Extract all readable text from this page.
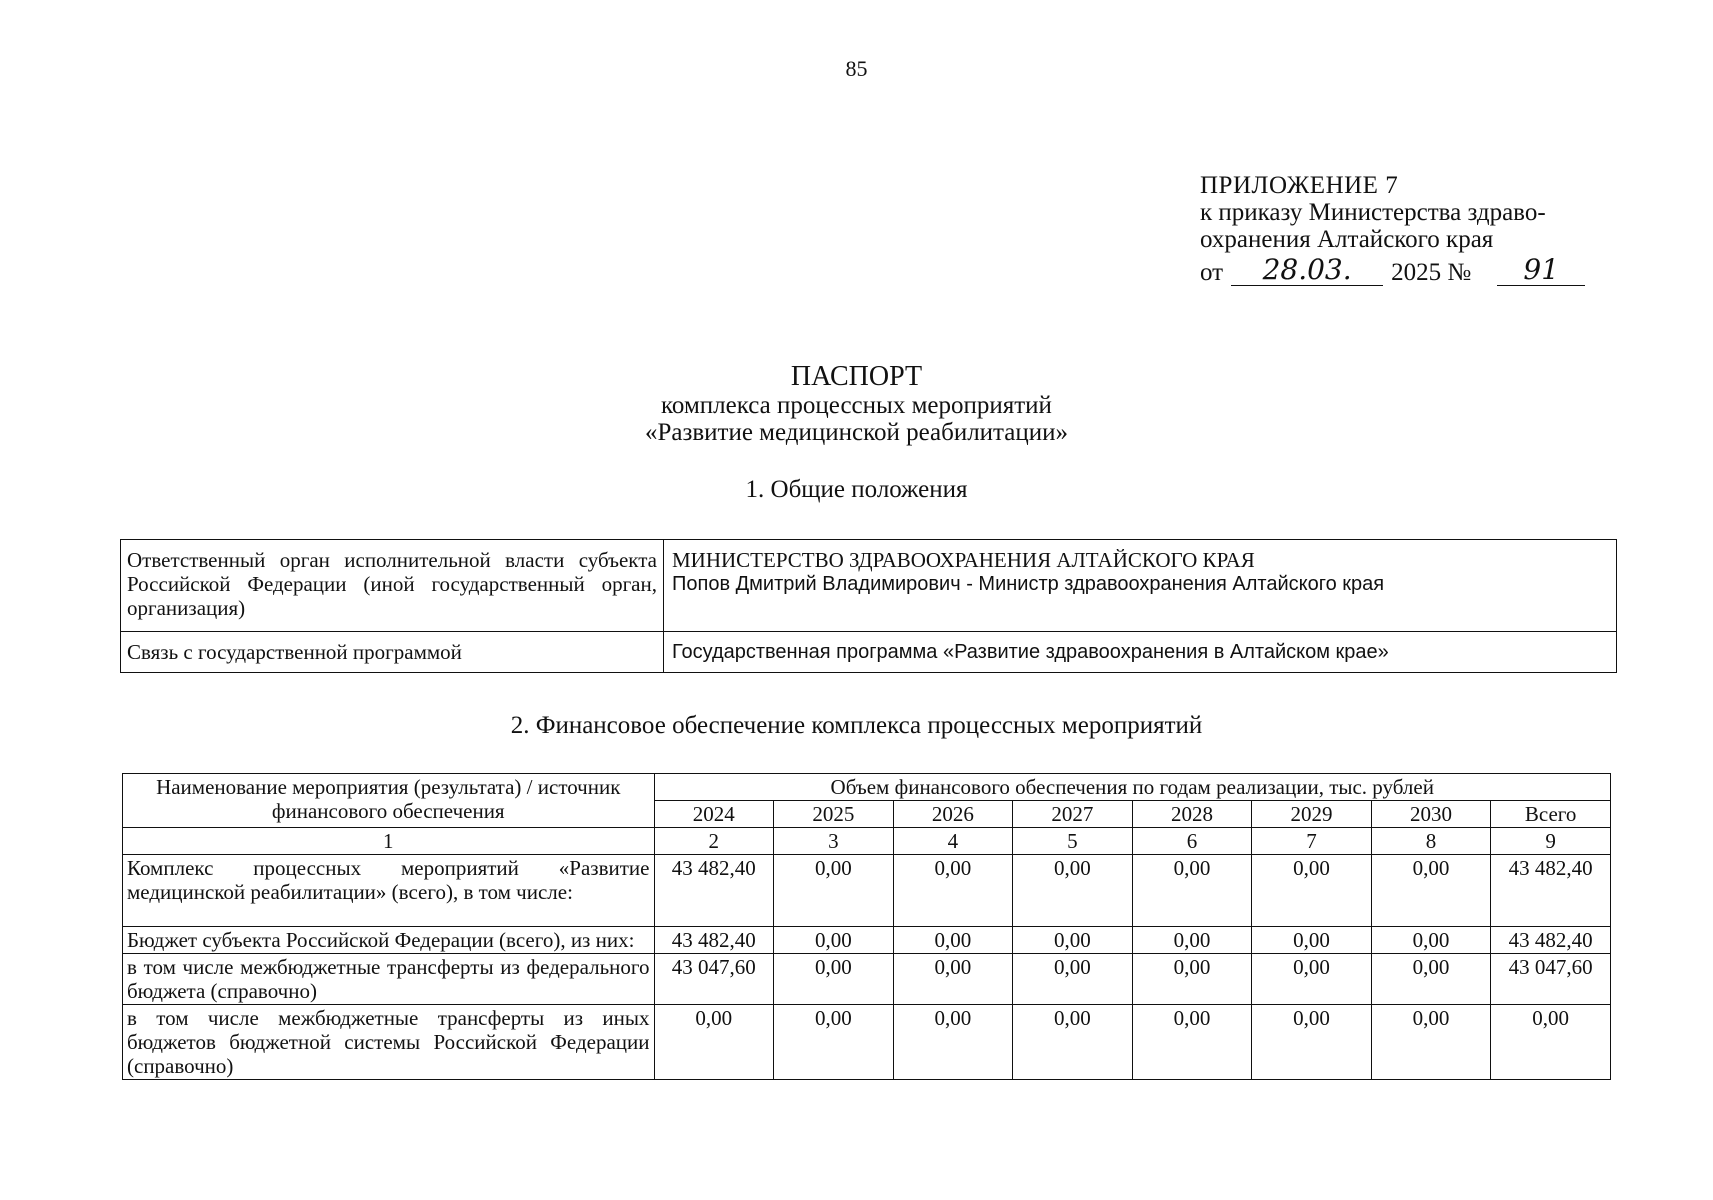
85
ПРИЛОЖЕНИЕ 7
к приказу Министерства здраво-
охранения Алтайского края
от	28.03.	2025 №	91
ПАСПОРТ
комплекса процессных мероприятий
«Развитие медицинской реабилитации»
1. Общие положения
Ответственный орган исполнительной власти субъекта Российской Федерации (иной государственный орган, организация)	МИНИСТЕРСТВО ЗДРАВООХРАНЕНИЯ АЛТАЙСКОГО КРАЯ
Попов Дмитрий Владимирович - Министр здравоохранения Алтайского края

Связь с государственной программой	Государственная программа «Развитие здравоохранения в Алтайском крае»
2. Финансовое обеспечение комплекса процессных мероприятий
Наименование мероприятия (результата) / источник финансового обеспечения	Объем финансового обеспечения по годам реализации, тыс. рублей							
	2024	2025	2026	2027	2028	2029	2030	Всего
1	2	3	4	5	6	7	8	9
Комплекс процессных мероприятий «Развитие медицинской реабилитации» (всего), в том числе:	43 482,40	0,00	0,00	0,00	0,00	0,00	0,00	43 482,40
Бюджет субъекта Российской Федерации (всего), из них:	43 482,40	0,00	0,00	0,00	0,00	0,00	0,00	43 482,40
в том числе межбюджетные трансферты из федерального бюджета (справочно)	43 047,60	0,00	0,00	0,00	0,00	0,00	0,00	43 047,60
в том числе межбюджетные трансферты из иных бюджетов бюджетной системы Российской Федерации (справочно)	0,00	0,00	0,00	0,00	0,00	0,00	0,00	0,00
